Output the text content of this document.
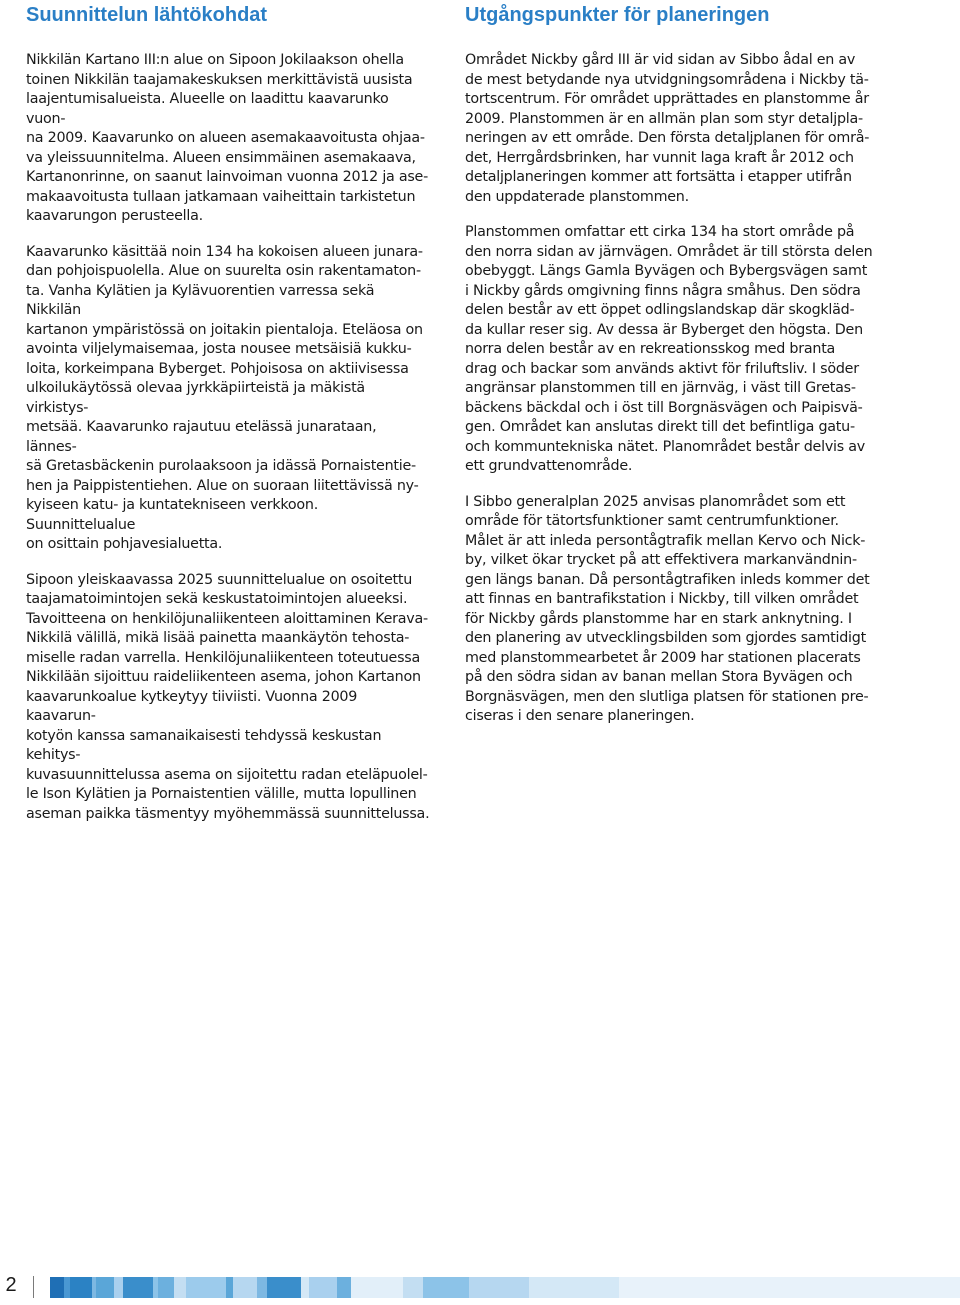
Suunnittelun lähtökohdat

Nikkilän Kartano III:n alue on Sipoon Jokilaakson ohella
toinen Nikkilän taajamakeskuksen merkittävistä uusista
laajentumisalueista. Alueelle on laadittu kaavarunko vuon-
na 2009. Kaavarunko on alueen asemakaavoitusta ohjaa-
va yleissuunnitelma. Alueen ensimmäinen asemakaava,
Kartanonrinne, on saanut lainvoiman vuonna 2012 ja ase-
makaavoitusta tullaan jatkamaan vaiheittain tarkistetun
kaavarungon perusteella.

Kaavarunko käsittää noin 134 ha kokoisen alueen junara-
dan pohjoispuolella. Alue on suurelta osin rakentamaton-
ta. Vanha Kylätien ja Kylävuorentien varressa sekä Nikkilän
kartanon ympäristössä on joitakin pientaloja. Eteläosa on
avointa viljelymaisemaa, josta nousee metsäisiä kukku-
loita, korkeimpana Byberget. Pohjoisosa on aktiivisessa
ulkoilukäytössä olevaa jyrkkäpiirteistä ja mäkistä virkistys-
metsää. Kaavarunko rajautuu etelässä junarataan, lännes-
sä Gretasbäckenin purolaaksoon ja idässä Pornaistentie-
hen ja Paippistentiehen. Alue on suoraan liitettävissä ny-
kyiseen katu- ja kuntatekniseen verkkoon. Suunnittelualue
on osittain pohjavesialuetta.

Sipoon yleiskaavassa 2025 suunnittelualue on osoitettu
taajamatoimintojen sekä keskustatoimintojen alueeksi.
Tavoitteena on henkilöjunaliikenteen aloittaminen Kerava-
Nikkilä välillä, mikä lisää painetta maankäytön tehosta-
miselle radan varrella. Henkilöjunaliikenteen toteutuessa
Nikkilään sijoittuu raideliikenteen asema, johon Kartanon
kaavarunkoalue kytkeytyy tiiviisti. Vuonna 2009 kaavarun-
kotyön kanssa samanaikaisesti tehdyssä keskustan kehitys-
kuvasuunnittelussa asema on sijoitettu radan eteläpuolel-
le Ison Kylätien ja Pornaistentien välille, mutta lopullinen
aseman paikka täsmentyy myöhemmässä suunnittelussa.

Utgångspunkter för planeringen

Området Nickby gård III är vid sidan av Sibbo ådal en av
de mest betydande nya utvidgningsområdena i Nickby tä-
tortscentrum. För området upprättades en planstomme år
2009. Planstommen är en allmän plan som styr detaljpla-
neringen av ett område. Den första detaljplanen för områ-
det, Herrgårdsbrinken, har vunnit laga kraft år 2012 och
detaljplaneringen kommer att fortsätta i etapper utifrån
den uppdaterade planstommen.

Planstommen omfattar ett cirka 134 ha stort område på
den norra sidan av järnvägen. Området är till största delen
obebyggt. Längs Gamla Byvägen och Bybergsvägen samt
i Nickby gårds omgivning finns några småhus. Den södra
delen består av ett öppet odlingslandskap där skogkläd-
da kullar reser sig. Av dessa är Byberget den högsta. Den
norra delen består av en rekreationsskog med branta
drag och backar som används aktivt för friluftsliv. I söder
angränsar planstommen till en järnväg, i väst till Gretas-
bäckens bäckdal och i öst till Borgnäsvägen och Paipisvä-
gen. Området kan anslutas direkt till det befintliga gatu-
och kommuntekniska nätet. Planområdet består delvis av
ett grundvattenområde.

I Sibbo generalplan 2025 anvisas planområdet som ett
område för tätortsfunktioner samt centrumfunktioner.
Målet är att inleda persontågtrafik mellan Kervo och Nick-
by, vilket ökar trycket på att effektivera markanvändnin-
gen längs banan. Då persontågtrafiken inleds kommer det
att finnas en bantrafikstation i Nickby, till vilken området
för Nickby gårds planstomme har en stark anknytning. I
den planering av utvecklingsbilden som gjordes samtidigt
med planstommearbetet år 2009 har stationen placerats
på den södra sidan av banan mellan Stora Byvägen och
Borgnäsvägen, men den slutliga platsen för stationen pre-
ciseras i den senare planeringen.

2
